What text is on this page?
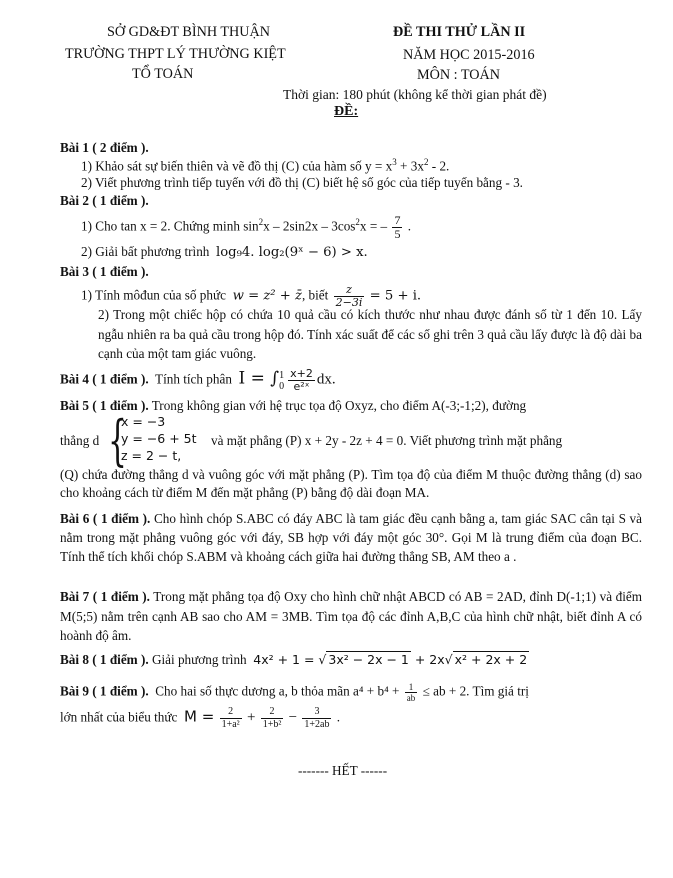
SỞ GD&ĐT BÌNH THUẬN
TRƯỜNG THPT LÝ THƯỜNG KIỆT
TỔ TOÁN
ĐỀ THI THỬ LẦN II
NĂM HỌC 2015-2016
MÔN : TOÁN
Thời gian: 180 phút (không kể thời gian phát đề)
ĐỀ:
Bài 1 ( 2 điểm ).
1) Khảo sát sự biến thiên và vẽ đồ thị (C) của hàm số $y = x^3 + 3x^2 - 2$.
2) Viết phương trình tiếp tuyến với đồ thị (C) biết hệ số góc của tiếp tuyến bằng - 3.
Bài 2 ( 1 điểm ).
1) Cho tan x = 2. Chứng minh $\sin^2x - 2\sin 2x - 3\cos^2x$ = – $\frac{7}{5}$ .
2) Giải bất phương trình log₉4. log₂(9ˣ − 6) > x.
Bài 3 ( 1 điểm ).
1) Tính môđun của số phức w = z² + z̄, biết $\frac{z}{2-3i} = 5 + i$.
2) Trong một chiếc hộp có chứa 10 quả cầu có kích thước như nhau được đánh số từ 1 đến 10. Lấy ngẫu nhiên ra ba quả cầu trong hộp đó. Tính xác suất để các số ghi trên 3 quả cầu lấy được là độ dài ba cạnh của một tam giác vuông.
Bài 4 ( 1 điểm ). Tính tích phân I = ∫ 1
$0 \frac{x+2}{\text{e²ˣ}}$ dx.
Bài 5 ( 1 điểm ). Trong không gian với hệ trục tọa độ Oxyz, cho điểm A(-3;-1;2), đường
thẳng d {
x = −3
y = −6 + 5t
z = 2 − t,
và mặt phẳng (P) x + 2y - 2z + 4 = 0. Viết phương trình mặt phẳng
(Q) chứa đường thẳng d và vuông góc với mặt phẳng (P). Tìm tọa độ của điểm M thuộc đường thẳng (d) sao cho khoảng cách từ điểm M đến mặt phẳng (P) bằng độ dài đoạn MA.
Bài 6 ( 1 điểm ). Cho hình chóp S.ABC có đáy ABC là tam giác đều cạnh bằng a, tam giác SAC cân tại S và nằm trong mặt phẳng vuông góc với đáy, SB hợp với đáy một góc 30°. Gọi M là trung điểm của đoạn BC. Tính thể tích khối chóp S.ABM và khoảng cách giữa hai đường thẳng SB, AM theo a .
Bài 7 ( 1 điểm ). Trong mặt phẳng tọa độ Oxy cho hình chữ nhật ABCD có AB = 2AD, đỉnh D(-1;1) và điểm M(5;5) nằm trên cạnh AB sao cho AM = 3MB. Tìm tọa độ các đỉnh A,B,C của hình chữ nhật, biết đỉnh A có hoành độ âm.
Bài 8 ( 1 điểm ). Giải phương trình 4x² + 1 = √ 3x² − 2x − 1 + 2x√ x² + 2x + 2
Bài 9 ( 1 điểm ). Cho hai số thực dương a, b thỏa mãn $a^4 + b^4 + \frac{1}{ab}$ ≤ ab + 2. Tìm giá trị
lớn nhất của biểu thức $M = \frac{2}{\text{1+a²}} + \frac{2}{\text{1+b²}} - \frac{3}{1+2ab}$ .
------- HẾT ------
